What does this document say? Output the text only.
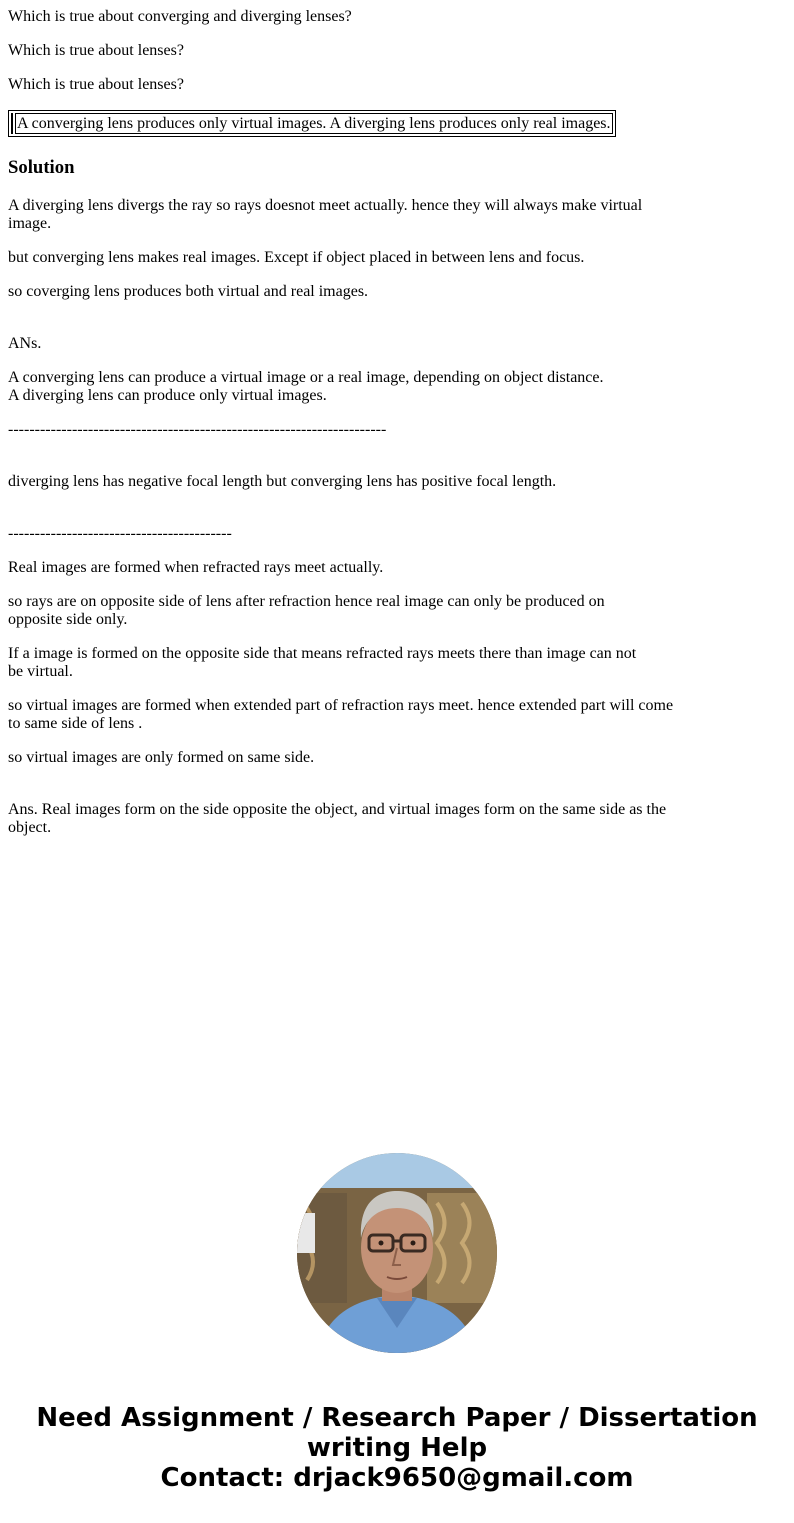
Which is true about converging and diverging lenses?

Which is true about lenses?

Which is true about lenses?

	A converging lens produces only virtual images. A diverging lens produces only real images.
Solution

A diverging lens divergs the ray so rays doesnot meet actually. hence they will always make virtual

image.

but converging lens makes real images. Except if object placed in between lens and focus.

so coverging lens produces both virtual and real images.

ANs.

A converging lens can produce a virtual image or a real image, depending on object distance.

A diverging lens can produce only virtual images.

-----------------------------------------------------------------------

diverging lens has negative focal length but converging lens has positive focal length.

------------------------------------------

Real images are formed when refracted rays meet actually.

so rays are on opposite side of lens after refraction hence real image can only be produced on

opposite side only.

If a image is formed on the opposite side that means refracted rays meets there than image can not

be virtual.

so virtual images are formed when extended part of refraction rays meet. hence extended part will come

to same side of lens .

so virtual images are only formed on same side.

Ans. Real images form on the side opposite the object, and virtual images form on the same side as the object.

Need Assignment / Research Paper / Dissertation
writing Help
Contact: drjack9650@gmail.com
